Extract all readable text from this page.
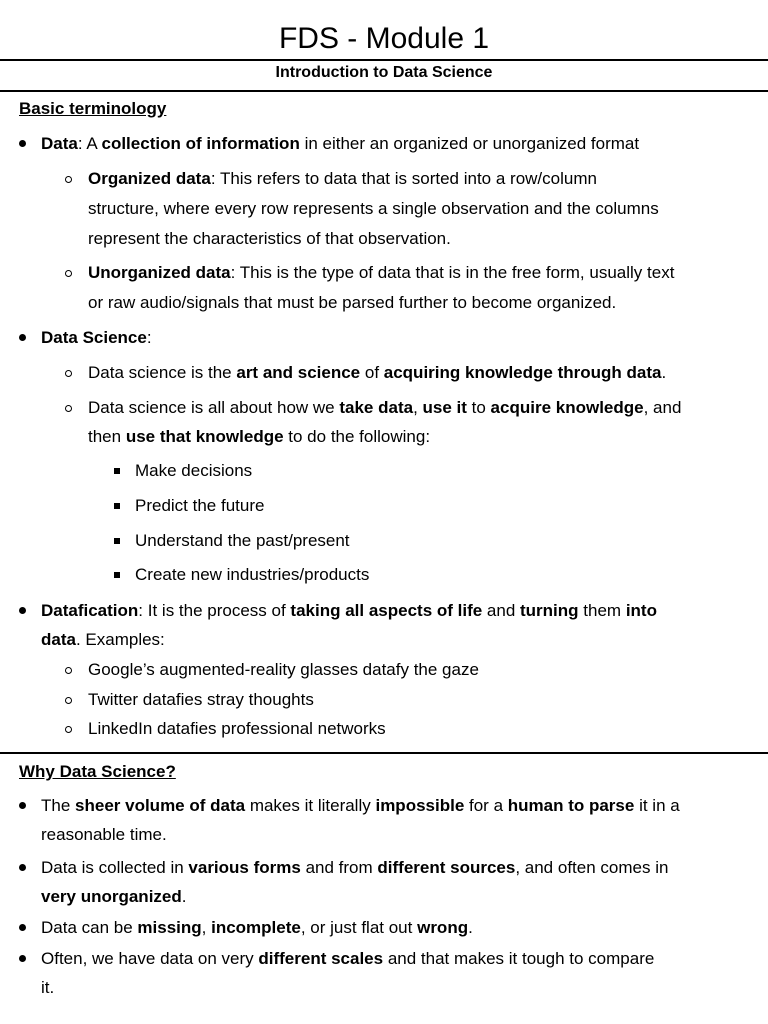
FDS - Module 1
Introduction to Data Science
Basic terminology
Data: A collection of information in either an organized or unorganized format
Organized data: This refers to data that is sorted into a row/column
structure, where every row represents a single observation and the columns
represent the characteristics of that observation.
Unorganized data: This is the type of data that is in the free form, usually text
or raw audio/signals that must be parsed further to become organized.
Data Science:
Data science is the art and science of acquiring knowledge through data.
Data science is all about how we take data, use it to acquire knowledge, and
then use that knowledge to do the following:
Make decisions
Predict the future
Understand the past/present
Create new industries/products
Datafication: It is the process of taking all aspects of life and turning them into
data. Examples:
Google’s augmented-reality glasses datafy the gaze
Twitter datafies stray thoughts
LinkedIn datafies professional networks
Why Data Science?
The sheer volume of data makes it literally impossible for a human to parse it in a
reasonable time.
Data is collected in various forms and from different sources, and often comes in
very unorganized.
Data can be missing, incomplete, or just flat out wrong.
Often, we have data on very different scales and that makes it tough to compare
it.
